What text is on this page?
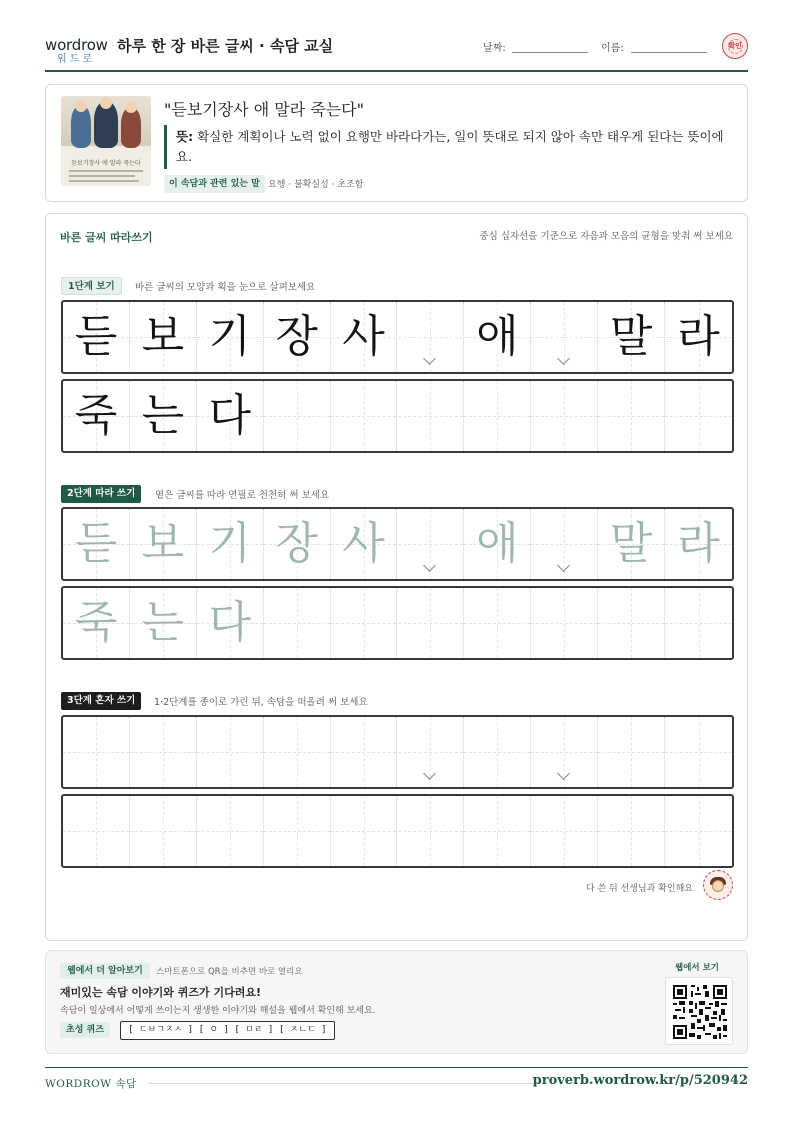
wordrow
워드로
하루 한 장 바른 글씨 · 속담 교실	날짜:	이름:	확인
듣보기장사 애 말라 죽는다
"듣보기장사 애 말라 죽는다"
뜻: 확실한 계획이나 노력 없이 요행만 바라다가는, 일이 뜻대로 되지 않아 속만 태우게 된다는 뜻이에요.
이 속담과 관련 있는 말 요행 · 불확실성 · 초조함
바른 글씨 따라쓰기	중심 십자선을 기준으로 자음과 모음의 균형을 맞춰 써 보세요
1단계 보기	바른 글씨의 모양과 획을 눈으로 살펴보세요
듣 보 기 장 사 애 말 라
죽 는 다
2단계 따라 쓰기	옅은 글씨를 따라 연필로 천천히 써 보세요
듣 보 기 장 사 애 말 라
죽 는 다
3단계 혼자 쓰기	1·2단계를 종이로 가린 뒤, 속담을 떠올려 써 보세요
다 쓴 뒤 선생님과 확인해요
웹에서 더 알아보기	스마트폰으로 QR을 비추면 바로 열리요
재미있는 속담 이야기와 퀴즈가 기다려요!
속담이 일상에서 어떻게 쓰이는지 생생한 이야기와 해설을 웹에서 확인해 보세요.
초성 퀴즈	[ ㄷㅂㄱㅈㅅ ] [ ㅇ ] [ ㅁㄹ ] [ ㅈㄴㄷ ]
웹에서 보기
WORDROW 속담	proverb.wordrow.kr/p/520942
